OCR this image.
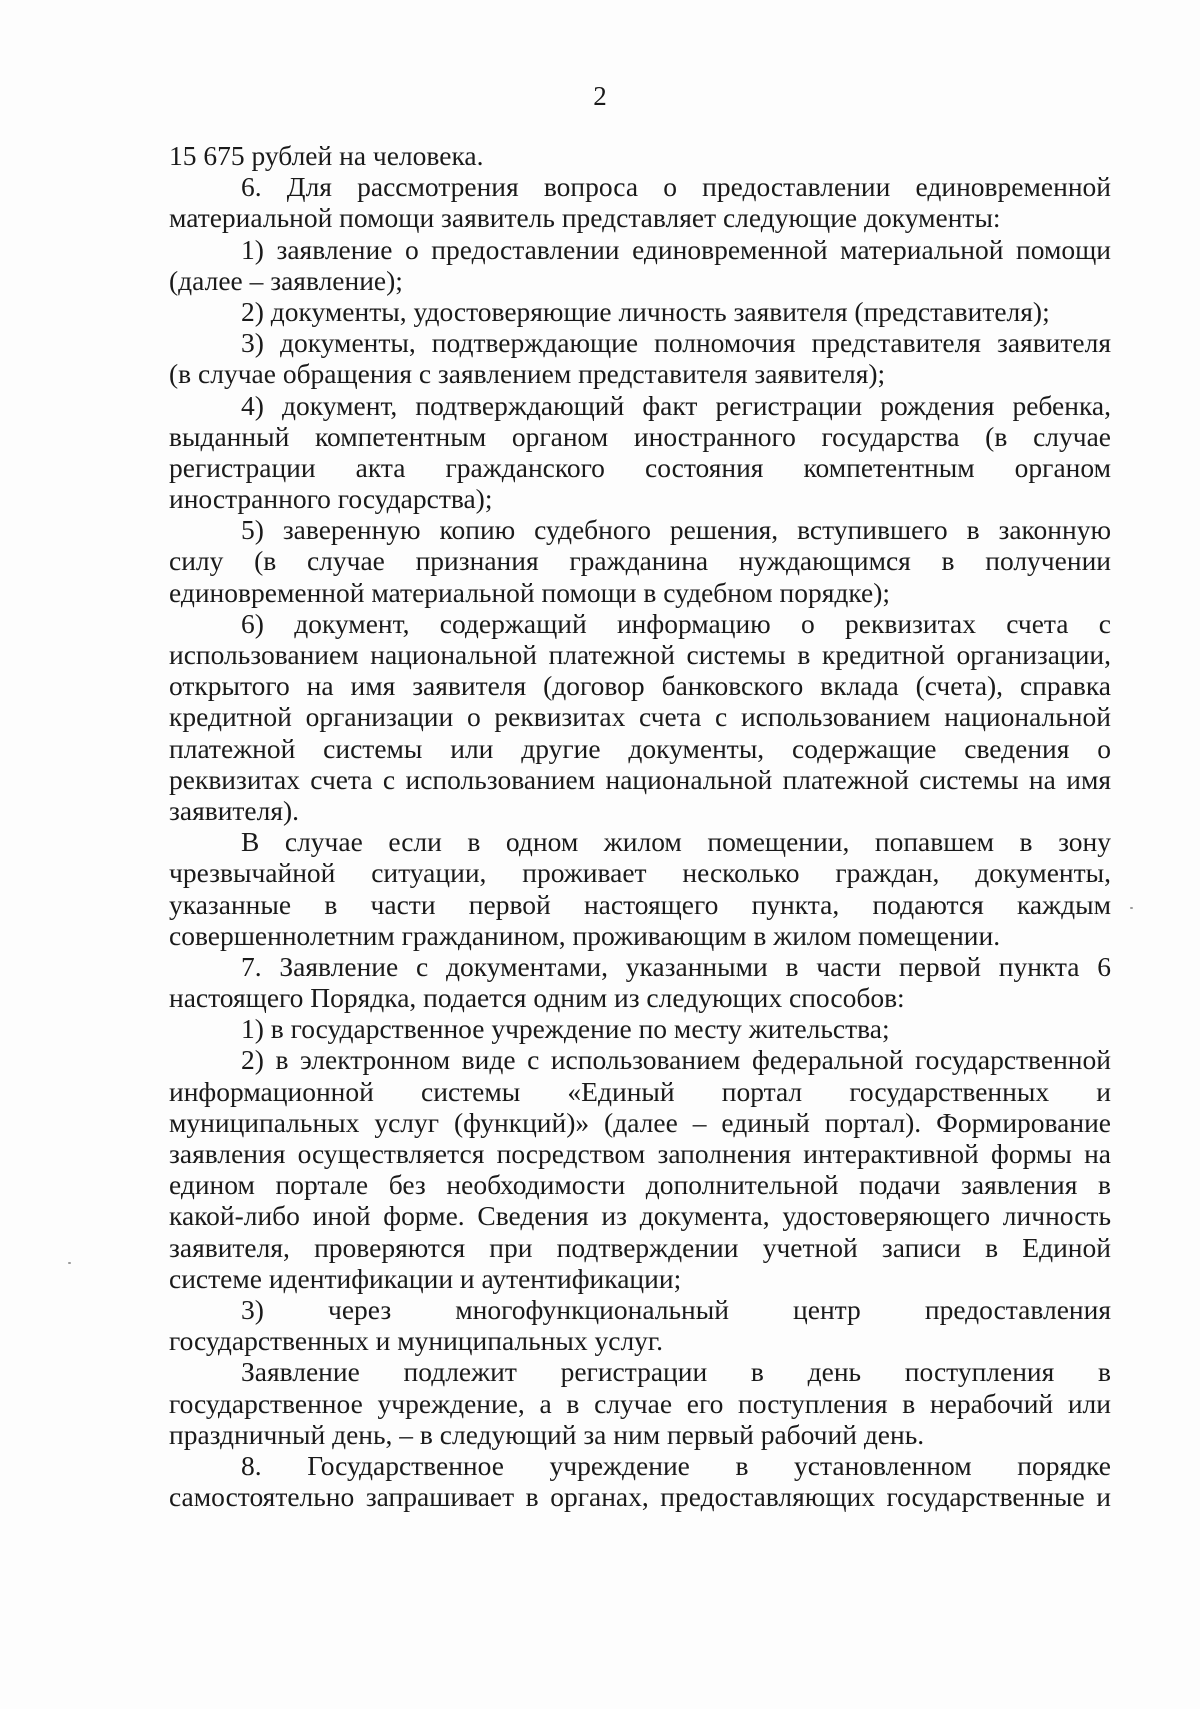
2
15 675 рублей на человека.
6. Для рассмотрения вопроса о предоставлении единовременной
материальной помощи заявитель представляет следующие документы:
1) заявление о предоставлении единовременной материальной помощи
(далее – заявление);
2) документы, удостоверяющие личность заявителя (представителя);
3) документы, подтверждающие полномочия представителя заявителя
(в случае обращения с заявлением представителя заявителя);
4) документ, подтверждающий факт регистрации рождения ребенка,
выданный компетентным органом иностранного государства (в случае
регистрации акта гражданского состояния компетентным органом
иностранного государства);
5) заверенную копию судебного решения, вступившего в законную
силу (в случае признания гражданина нуждающимся в получении
единовременной материальной помощи в судебном порядке);
6) документ, содержащий информацию о реквизитах счета с
использованием национальной платежной системы в кредитной организации,
открытого на имя заявителя (договор банковского вклада (счета), справка
кредитной организации о реквизитах счета с использованием национальной
платежной системы или другие документы, содержащие сведения о
реквизитах счета с использованием национальной платежной системы на имя
заявителя).
В случае если в одном жилом помещении, попавшем в зону
чрезвычайной ситуации, проживает несколько граждан, документы,
указанные в части первой настоящего пункта, подаются каждым
совершеннолетним гражданином, проживающим в жилом помещении.
7. Заявление с документами, указанными в части первой пункта 6
настоящего Порядка, подается одним из следующих способов:
1) в государственное учреждение по месту жительства;
2) в электронном виде с использованием федеральной государственной
информационной системы «Единый портал государственных и
муниципальных услуг (функций)» (далее – единый портал). Формирование
заявления осуществляется посредством заполнения интерактивной формы на
едином портале без необходимости дополнительной подачи заявления в
какой-либо иной форме. Сведения из документа, удостоверяющего личность
заявителя, проверяются при подтверждении учетной записи в Единой
системе идентификации и аутентификации;
3) через многофункциональный центр предоставления
государственных и муниципальных услуг.
Заявление подлежит регистрации в день поступления в
государственное учреждение, а в случае его поступления в нерабочий или
праздничный день, – в следующий за ним первый рабочий день.
8. Государственное учреждение в установленном порядке
самостоятельно запрашивает в органах, предоставляющих государственные и
